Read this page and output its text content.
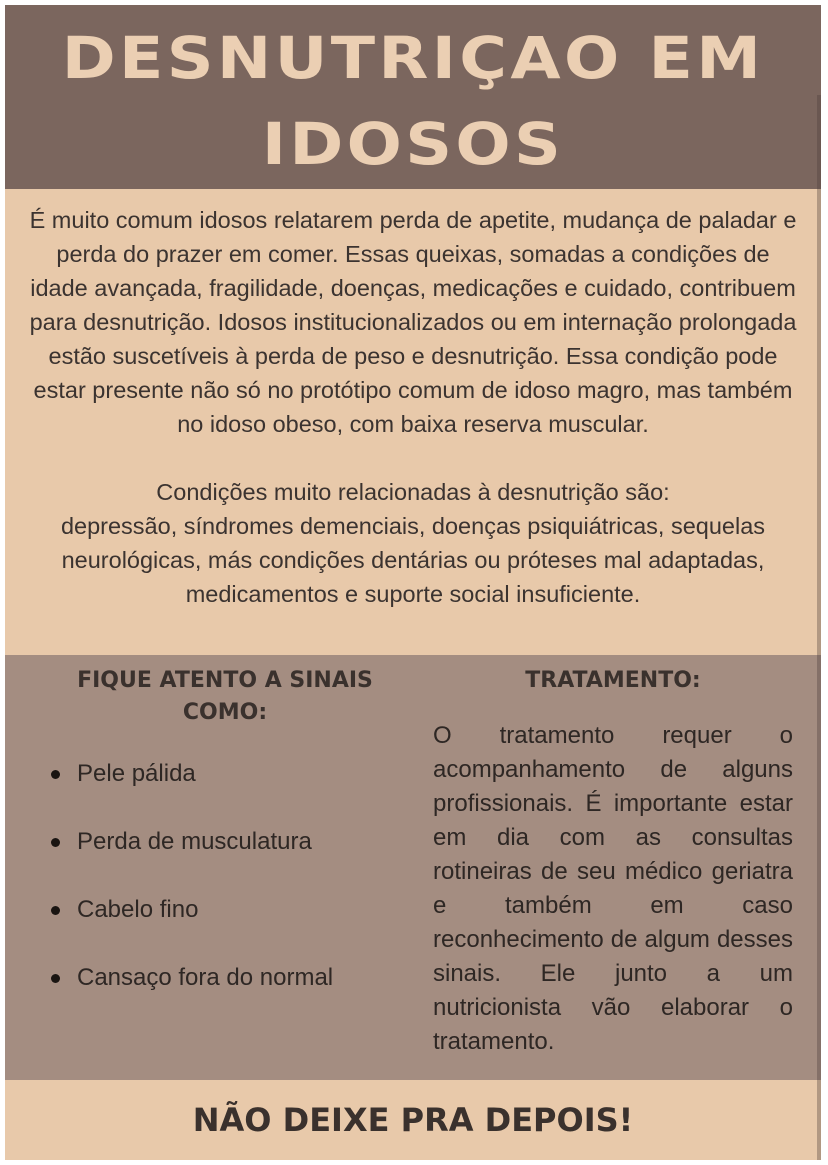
DESNUTRIÇAO EM
IDOSOS

É muito comum idosos relatarem perda de apetite, mudança de paladar e perda do prazer em comer. Essas queixas, somadas a condições de idade avançada, fragilidade, doenças, medicações e cuidado, contribuem para desnutrição. Idosos institucionalizados ou em internação prolongada estão suscetíveis à perda de peso e desnutrição. Essa condição pode estar presente não só no protótipo comum de idoso magro, mas também no idoso obeso, com baixa reserva muscular.

Condições muito relacionadas à desnutrição são:

depressão, síndromes demenciais, doenças psiquiátricas, sequelas neurológicas, más condições dentárias ou próteses mal adaptadas, medicamentos e suporte social insuficiente.

FIQUE ATENTO A SINAIS COMO:
Pele pálida
Perda de musculatura
Cabelo fino
Cansaço fora do normal
TRATAMENTO:
O tratamento requer o acompanhamento de alguns profissionais. É importante estar em dia com as consultas rotineiras de seu médico geriatra e também em caso reconhecimento de algum desses sinais. Ele junto a um nutricionista vão elaborar o tratamento.
NÃO DEIXE PRA DEPOIS!
